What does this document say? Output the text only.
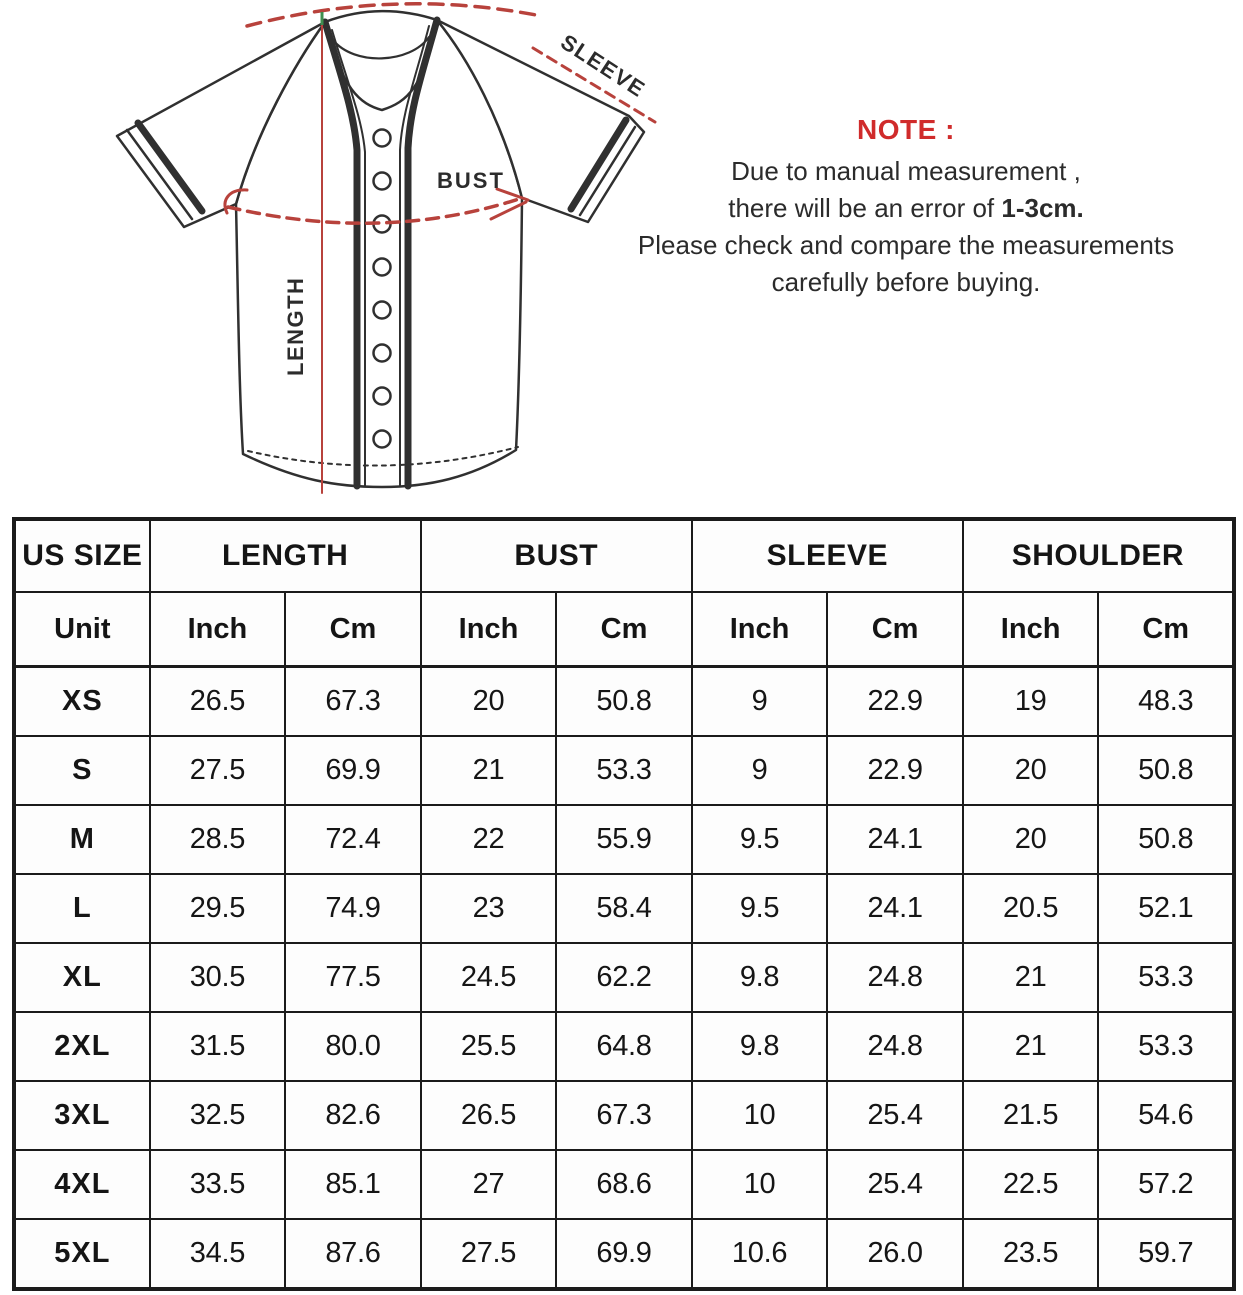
SLEEVE
BUST
LENGTH
NOTE :
Due to manual measurement ,
there will be an error of 1-3cm.
Please check and compare the measurements
carefully before buying.
US SIZE	LENGTH		BUST		SLEEVE		SHOULDER	
Unit	Inch	Cm	Inch	Cm	Inch	Cm	Inch	Cm
XS	26.5	67.3	20	50.8	9	22.9	19	48.3
S	27.5	69.9	21	53.3	9	22.9	20	50.8
M	28.5	72.4	22	55.9	9.5	24.1	20	50.8
L	29.5	74.9	23	58.4	9.5	24.1	20.5	52.1
XL	30.5	77.5	24.5	62.2	9.8	24.8	21	53.3
2XL	31.5	80.0	25.5	64.8	9.8	24.8	21	53.3
3XL	32.5	82.6	26.5	67.3	10	25.4	21.5	54.6
4XL	33.5	85.1	27	68.6	10	25.4	22.5	57.2
5XL	34.5	87.6	27.5	69.9	10.6	26.0	23.5	59.7
